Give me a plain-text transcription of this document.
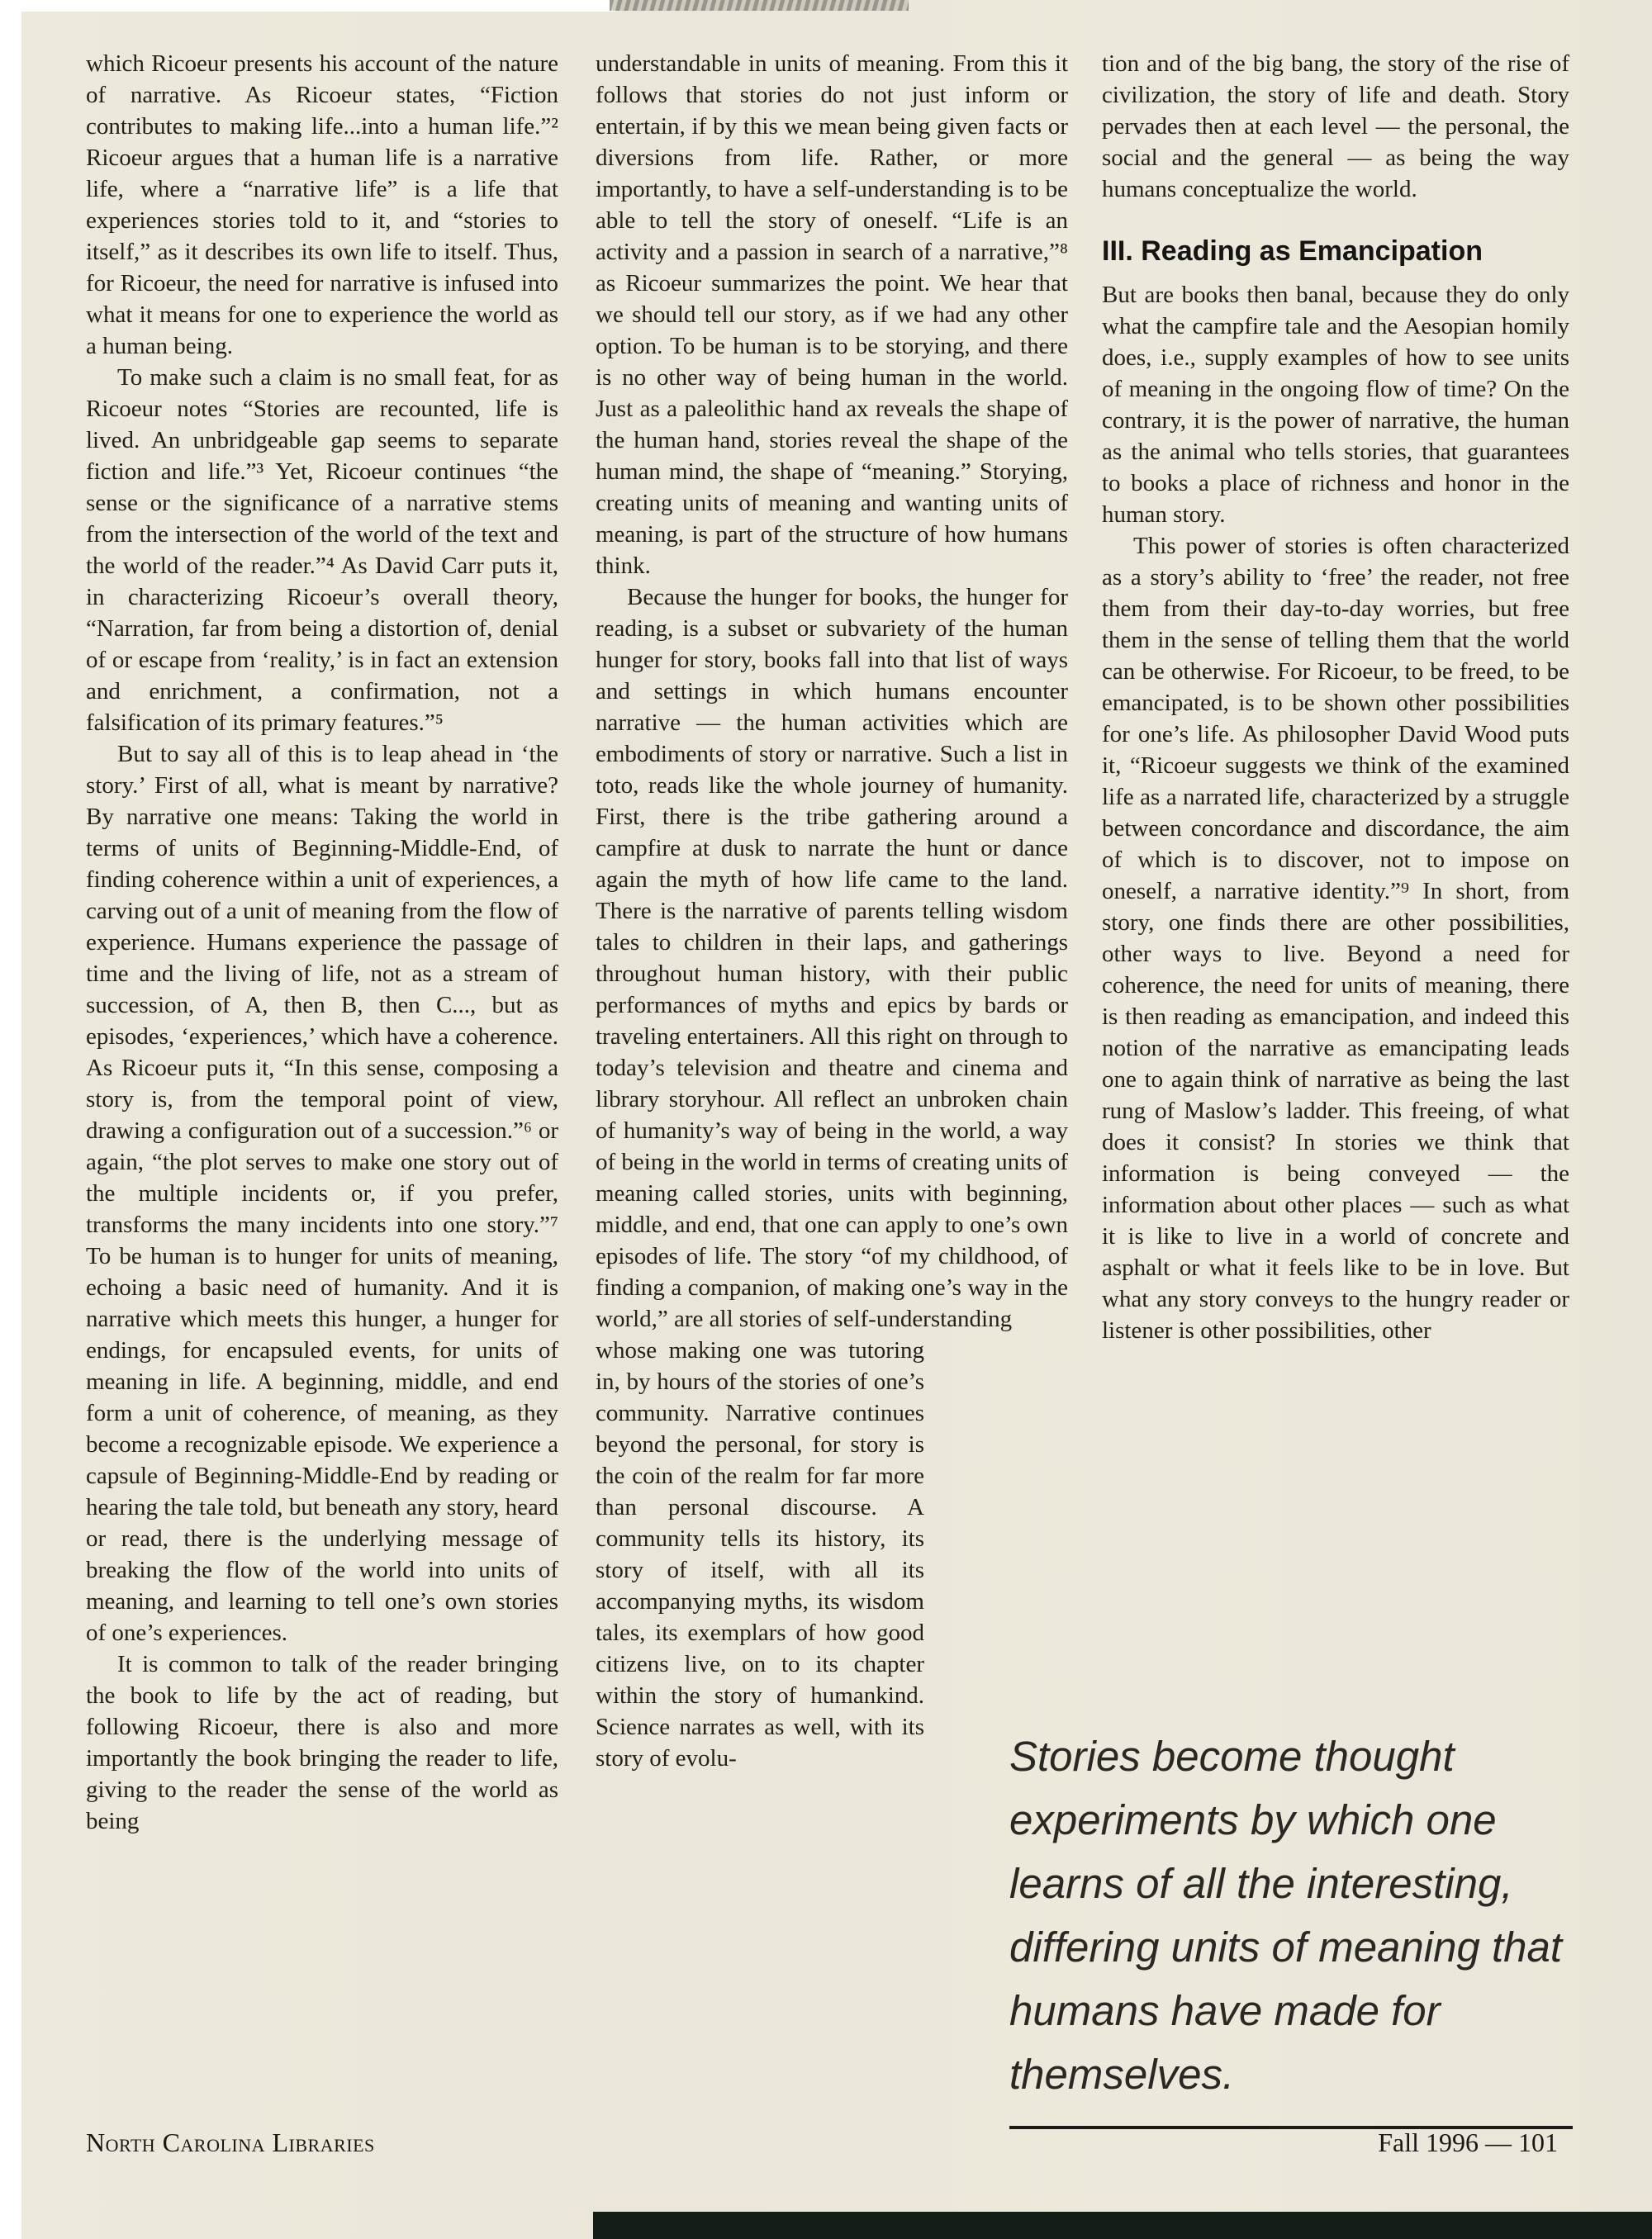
which Ricoeur presents his account of the nature of narrative. As Ricoeur states, “Fiction contributes to making life...into a human life.”² Ricoeur argues that a human life is a narrative life, where a “narrative life” is a life that experiences stories told to it, and “stories to itself,” as it describes its own life to itself. Thus, for Ricoeur, the need for narrative is infused into what it means for one to experience the world as a human being.

To make such a claim is no small feat, for as Ricoeur notes “Stories are recounted, life is lived. An unbridgeable gap seems to separate fiction and life.”³ Yet, Ricoeur continues “the sense or the significance of a narrative stems from the intersection of the world of the text and the world of the reader.”⁴ As David Carr puts it, in characterizing Ricoeur’s overall theory, “Narration, far from being a distortion of, denial of or escape from ‘reality,’ is in fact an extension and enrichment, a confirmation, not a falsification of its primary features.”⁵

But to say all of this is to leap ahead in ‘the story.’ First of all, what is meant by narrative? By narrative one means: Taking the world in terms of units of Beginning-Middle-End, of finding coherence within a unit of experiences, a carving out of a unit of meaning from the flow of experience. Humans experience the passage of time and the living of life, not as a stream of succession, of A, then B, then C..., but as episodes, ‘experiences,’ which have a coherence. As Ricoeur puts it, “In this sense, composing a story is, from the temporal point of view, drawing a configuration out of a succession.”⁶ or again, “the plot serves to make one story out of the multiple incidents or, if you prefer, transforms the many incidents into one story.”⁷ To be human is to hunger for units of meaning, echoing a basic need of humanity. And it is narrative which meets this hunger, a hunger for endings, for encapsuled events, for units of meaning in life. A beginning, middle, and end form a unit of coherence, of meaning, as they become a recognizable episode. We experience a capsule of Beginning-Middle-End by reading or hearing the tale told, but beneath any story, heard or read, there is the underlying message of breaking the flow of the world into units of meaning, and learning to tell one’s own stories of one’s experiences.

It is common to talk of the reader bringing the book to life by the act of reading, but following Ricoeur, there is also and more importantly the book bringing the reader to life, giving to the reader the sense of the world as being

understandable in units of meaning. From this it follows that stories do not just inform or entertain, if by this we mean being given facts or diversions from life. Rather, or more importantly, to have a self-understanding is to be able to tell the story of oneself. “Life is an activity and a passion in search of a narrative,”⁸ as Ricoeur summarizes the point. We hear that we should tell our story, as if we had any other option. To be human is to be storying, and there is no other way of being human in the world. Just as a paleolithic hand ax reveals the shape of the human hand, stories reveal the shape of the human mind, the shape of “meaning.” Storying, creating units of meaning and wanting units of meaning, is part of the structure of how humans think.

Because the hunger for books, the hunger for reading, is a subset or subvariety of the human hunger for story, books fall into that list of ways and settings in which humans encounter narrative — the human activities which are embodiments of story or narrative. Such a list in toto, reads like the whole journey of humanity. First, there is the tribe gathering around a campfire at dusk to narrate the hunt or dance again the myth of how life came to the land. There is the narrative of parents telling wisdom tales to children in their laps, and gatherings throughout human history, with their public performances of myths and epics by bards or traveling entertainers. All this right on through to today’s television and theatre and cinema and library storyhour. All reflect an unbroken chain of humanity’s way of being in the world, a way of being in the world in terms of creating units of meaning called stories, units with beginning, middle, and end, that one can apply to one’s own episodes of life. The story “of my childhood, of finding a companion, of making one’s way in the world,” are all stories of self-understanding

whose making one was tutoring in, by hours of the stories of one’s community. Narrative continues beyond the personal, for story is the coin of the realm for far more than personal discourse. A community tells its history, its story of itself, with all its accompanying myths, its wisdom tales, its exemplars of how good citizens live, on to its chapter within the story of humankind. Science narrates as well, with its story of evolu-

tion and of the big bang, the story of the rise of civilization, the story of life and death. Story pervades then at each level — the personal, the social and the general — as being the way humans conceptualize the world.

III. Reading as Emancipation

But are books then banal, because they do only what the campfire tale and the Aesopian homily does, i.e., supply examples of how to see units of meaning in the ongoing flow of time? On the contrary, it is the power of narrative, the human as the animal who tells stories, that guarantees to books a place of richness and honor in the human story.

This power of stories is often characterized as a story’s ability to ‘free’ the reader, not free them from their day-to-day worries, but free them in the sense of telling them that the world can be otherwise. For Ricoeur, to be freed, to be emancipated, is to be shown other possibilities for one’s life. As philosopher David Wood puts it, “Ricoeur suggests we think of the examined life as a narrated life, characterized by a struggle between concordance and discordance, the aim of which is to discover, not to impose on oneself, a narrative identity.”⁹ In short, from story, one finds there are other possibilities, other ways to live. Beyond a need for coherence, the need for units of meaning, there is then reading as emancipation, and indeed this notion of the narrative as emancipating leads one to again think of narrative as being the last rung of Maslow’s ladder. This freeing, of what does it consist? In stories we think that information is being conveyed — the information about other places — such as what it is like to live in a world of concrete and asphalt or what it feels like to be in love. But what any story conveys to the hungry reader or listener is other possibilities, other

Stories become thought experiments by which one learns of all the interesting, differing units of meaning that humans have made for themselves.
North Carolina Libraries	Fall 1996 — 101
